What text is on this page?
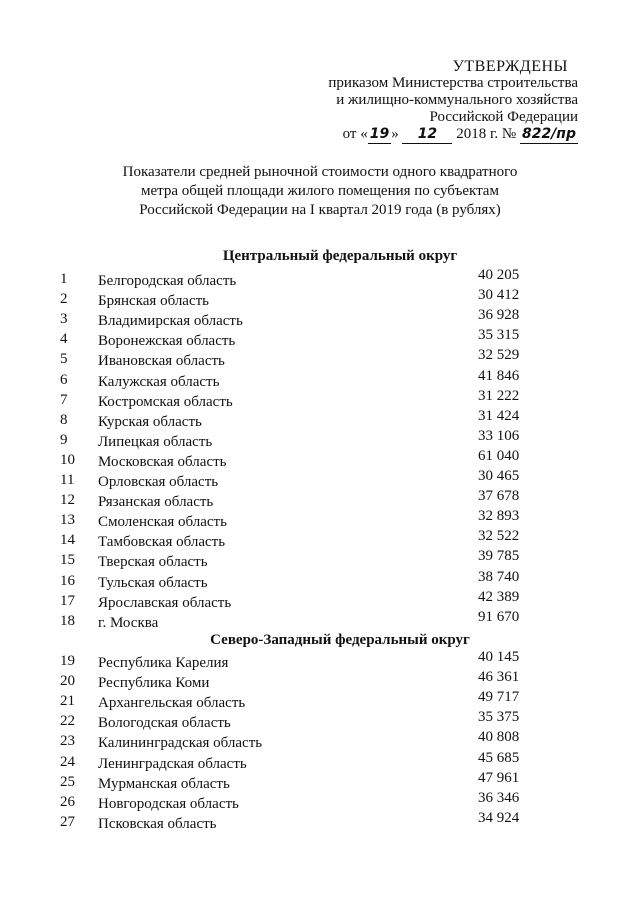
УТВЕРЖДЕНЫ
приказом Министерства строительства
и жилищно-коммунального хозяйства
Российской Федерации
от « 19 » 12 2018 г. № 822/пр
Показатели средней рыночной стоимости одного квадратного
метра общей площади жилого помещения по субъектам
Российской Федерации на I квартал 2019 года (в рублях)
Центральный федеральный округ
1	Белгородская область	40 205
2	Брянская область	30 412
3	Владимирская область	36 928
4	Воронежская область	35 315
5	Ивановская область	32 529
6	Калужская область	41 846
7	Костромская область	31 222
8	Курская область	31 424
9	Липецкая область	33 106
10	Московская область	61 040
11	Орловская область	30 465
12	Рязанская область	37 678
13	Смоленская область	32 893
14	Тамбовская область	32 522
15	Тверская область	39 785
16	Тульская область	38 740
17	Ярославская область	42 389
18	г. Москва	91 670
Северо-Западный федеральный округ
19	Республика Карелия	40 145
20	Республика Коми	46 361
21	Архангельская область	49 717
22	Вологодская область	35 375
23	Калининградская область	40 808
24	Ленинградская область	45 685
25	Мурманская область	47 961
26	Новгородская область	36 346
27	Псковская область	34 924
